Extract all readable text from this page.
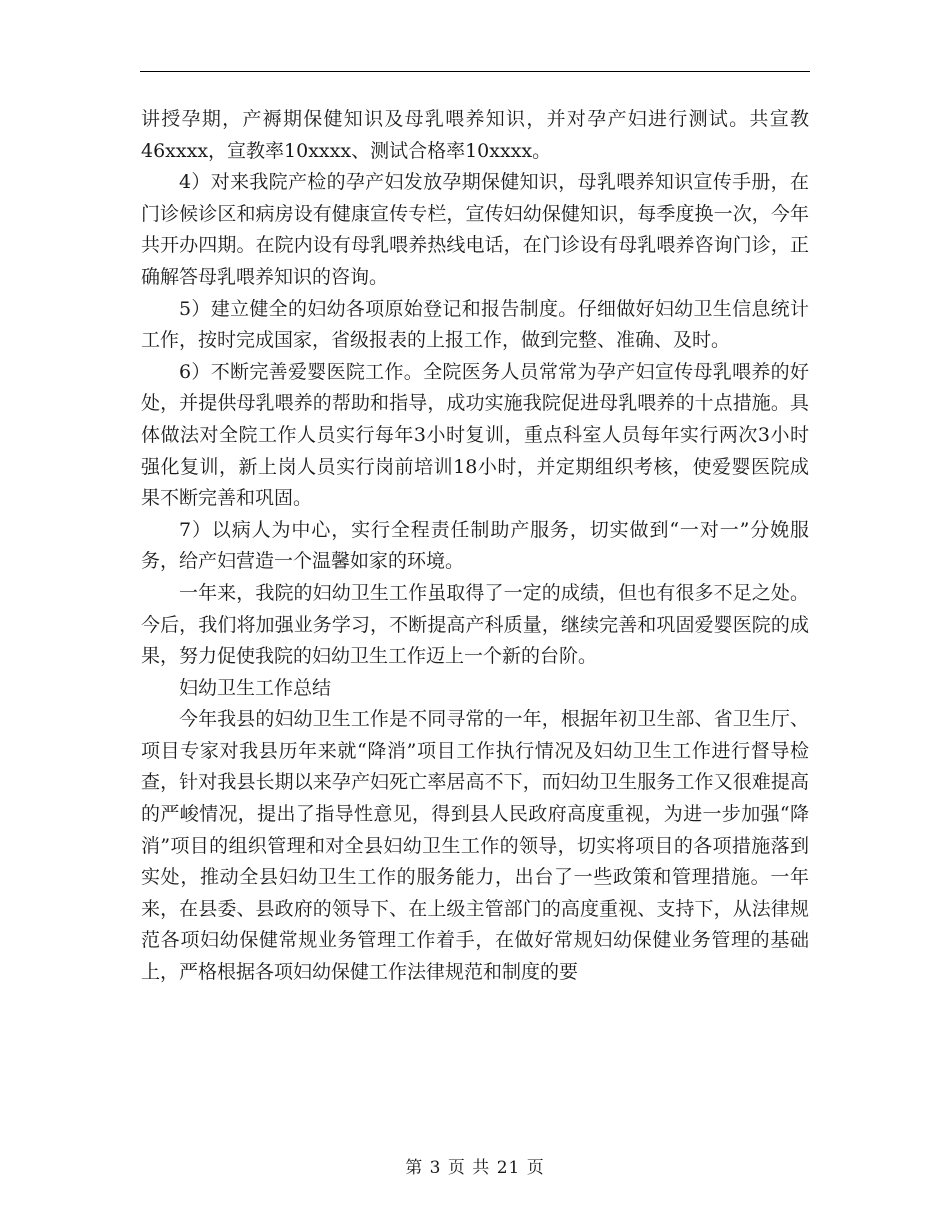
讲授孕期，产褥期保健知识及母乳喂养知识，并对孕产妇进行测试。共宣教46xxxx，宣教率10xxxx、测试合格率10xxxx。

4）对来我院产检的孕产妇发放孕期保健知识，母乳喂养知识宣传手册，在门诊候诊区和病房设有健康宣传专栏，宣传妇幼保健知识，每季度换一次，今年共开办四期。在院内设有母乳喂养热线电话，在门诊设有母乳喂养咨询门诊，正确解答母乳喂养知识的咨询。

5）建立健全的妇幼各项原始登记和报告制度。仔细做好妇幼卫生信息统计工作，按时完成国家，省级报表的上报工作，做到完整、准确、及时。

6）不断完善爱婴医院工作。全院医务人员常常为孕产妇宣传母乳喂养的好处，并提供母乳喂养的帮助和指导，成功实施我院促进母乳喂养的十点措施。具体做法对全院工作人员实行每年3小时复训，重点科室人员每年实行两次3小时强化复训，新上岗人员实行岗前培训18小时，并定期组织考核，使爱婴医院成果不断完善和巩固。

7）以病人为中心，实行全程责任制助产服务，切实做到“一对一”分娩服务，给产妇营造一个温馨如家的环境。

一年来，我院的妇幼卫生工作虽取得了一定的成绩，但也有很多不足之处。今后，我们将加强业务学习，不断提高产科质量，继续完善和巩固爱婴医院的成果，努力促使我院的妇幼卫生工作迈上一个新的台阶。

妇幼卫生工作总结

今年我县的妇幼卫生工作是不同寻常的一年，根据年初卫生部、省卫生厅、项目专家对我县历年来就“降消”项目工作执行情况及妇幼卫生工作进行督导检查，针对我县长期以来孕产妇死亡率居高不下，而妇幼卫生服务工作又很难提高的严峻情况，提出了指导性意见，得到县人民政府高度重视，为进一步加强“降消”项目的组织管理和对全县妇幼卫生工作的领导，切实将项目的各项措施落到实处，推动全县妇幼卫生工作的服务能力，出台了一些政策和管理措施。一年来，在县委、县政府的领导下、在上级主管部门的高度重视、支持下，从法律规范各项妇幼保健常规业务管理工作着手，在做好常规妇幼保健业务管理的基础上，严格根据各项妇幼保健工作法律规范和制度的要

第 3 页 共 21 页
